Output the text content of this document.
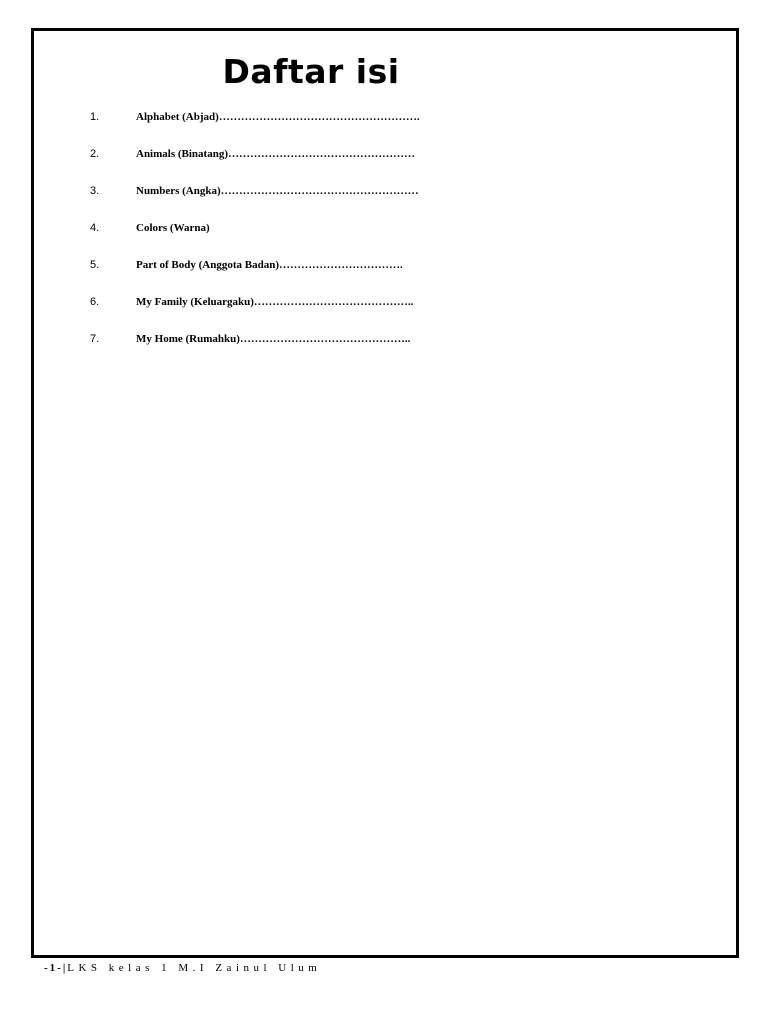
Daftar isi
1.	Alphabet (Abjad)……………………………………………….
2.	Animals (Binatang)……………………………………………
3.	Numbers (Angka)………………………………………………
4.	Colors (Warna)
5.	Part of Body (Anggota Badan)…………………………….
6.	My Family (Keluargaku)……………………………………..
7.	My Home (Rumahku)………………………………………..
-1-|LKS kelas 1 M.I Zainul Ulum
